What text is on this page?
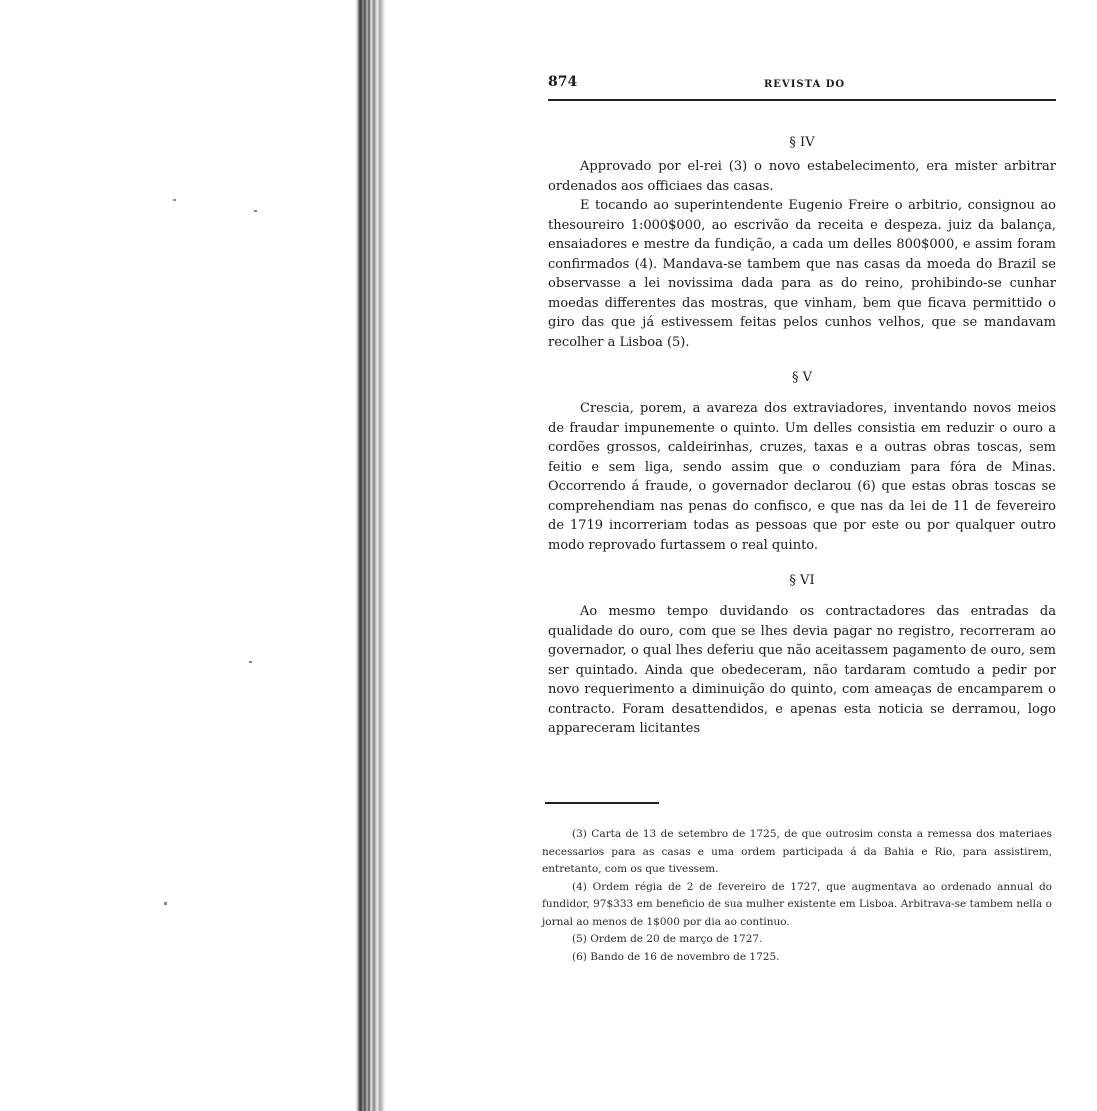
874	REVISTA DO

§ IV

Approvado por el-rei (3) o novo estabelecimento, era mister arbitrar ordenados aos officiaes das casas.

E tocando ao superintendente Eugenio Freire o arbitrio, consignou ao thesoureiro 1:000$000, ao escrivão da receita e despeza. juiz da balança, ensaiadores e mestre da fundição, a cada um delles 800$000, e assim foram confirmados (4). Mandava-se tambem que nas casas da moeda do Brazil se observasse a lei novissima dada para as do reino, prohibindo-se cunhar moedas differentes das mostras, que vinham, bem que ficava permittido o giro das que já estivessem feitas pelos cunhos velhos, que se mandavam recolher a Lisboa (5).

§ V

Crescia, porem, a avareza dos extraviadores, inventando novos meios de fraudar impunemente o quinto. Um delles consistia em reduzir o ouro a cordões grossos, caldeirinhas, cruzes, taxas e a outras obras toscas, sem feitio e sem liga, sendo assim que o conduziam para fóra de Minas. Occorrendo á fraude, o governador declarou (6) que estas obras toscas se comprehendiam nas penas do confisco, e que nas da lei de 11 de fevereiro de 1719 incorreriam todas as pessoas que por este ou por qualquer outro modo reprovado furtassem o real quinto.

§ VI

Ao mesmo tempo duvidando os contractadores das entradas da qualidade do ouro, com que se lhes devia pagar no registro, recorreram ao governador, o qual lhes deferiu que não aceitassem pagamento de ouro, sem ser quintado. Ainda que obedeceram, não tardaram comtudo a pedir por novo requerimento a diminuição do quinto, com ameaças de encamparem o contracto. Foram desattendidos, e apenas esta noticia se derramou, logo appareceram licitantes

(3) Carta de 13 de setembro de 1725, de que outrosim consta a remessa dos materiaes necessarios para as casas e uma ordem participada á da Bahia e Rio, para assistirem, entretanto, com os que tivessem.

(4) Ordem régia de 2 de fevereiro de 1727, que augmentava ao ordenado annual do fundidor, 97$333 em beneficio de sua mulher existente em Lisboa. Arbitrava-se tambem nella o jornal ao menos de 1$000 por dia ao continuo.

(5) Ordem de 20 de março de 1727.

(6) Bando de 16 de novembro de 1725.
